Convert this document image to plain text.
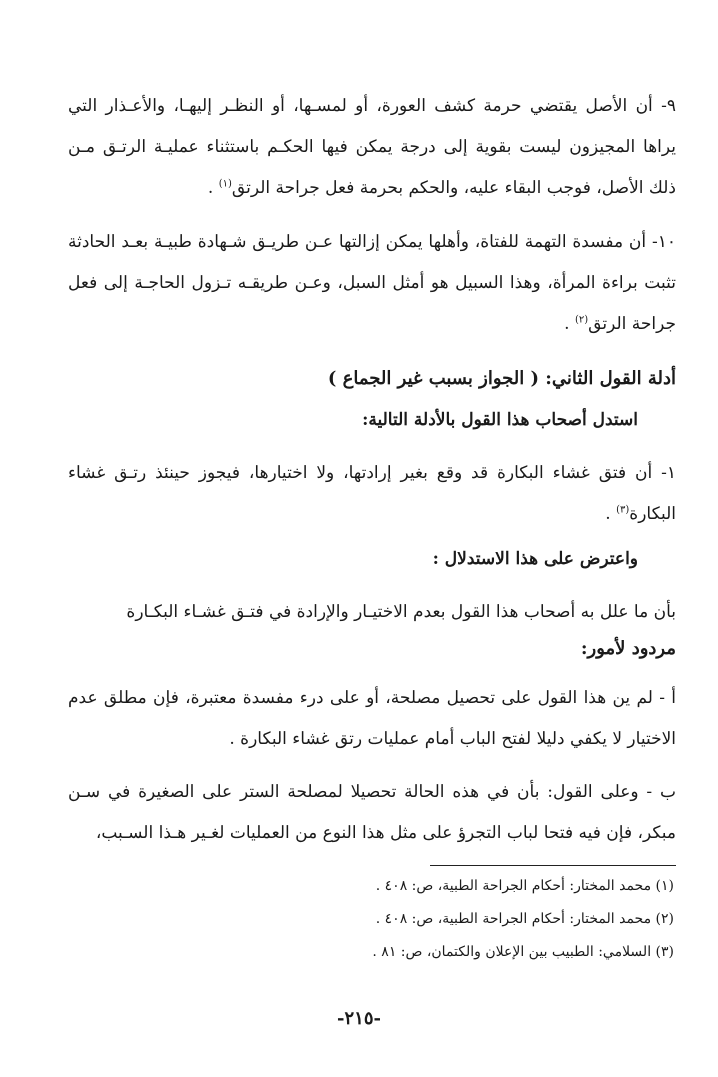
٩- أن الأصل يقتضي حرمة كشف العورة، أو لمسـها، أو النظـر إليهـا، والأعـذار التي يراها المجيزون ليست بقوية إلى درجة يمكن فيها الحكـم باستثناء عمليـة الرتـق مـن ذلك الأصل، فوجب البقاء عليه، والحكم بحرمة فعل جراحة الرتق$^{(١)}$ .

١٠- أن مفسدة التهمة للفتاة، وأهلها يمكن إزالتها عـن طريـق شـهادة طبيـة بعـد الحادثة تثبت براءة المرأة، وهذا السبيل هو أمثل السبل، وعـن طريقـه تـزول الحاجـة إلى فعل جراحة الرتق$^{(٢)}$ .

أدلة القول الثاني: ( الجواز بسبب غير الجماع )

استدل أصحاب هذا القول بالأدلة التالية:

١- أن فتق غشاء البكارة قد وقع بغير إرادتها، ولا اختيارها، فيجوز حينئذ رتـق غشاء البكارة$^{(٣)}$ .

واعترض على هذا الاستدلال :

بأن ما علل به أصحاب هذا القول بعدم الاختيـار والإرادة في فتـق غشـاء البكـارة

مردود لأمور:

أ - لم ين هذا القول على تحصيل مصلحة، أو على درء مفسدة معتبرة، فإن مطلق عدم الاختيار لا يكفي دليلا لفتح الباب أمام عمليات رتق غشاء البكارة .

ب - وعلى القول: بأن في هذه الحالة تحصيلا لمصلحة الستر على الصغيرة في سـن مبكر، فإن فيه فتحا لباب التجرؤ على مثل هذا النوع من العمليات لغـير هـذا السـبب،

(١) محمد المختار: أحكام الجراحة الطبية، ص: ٤٠٨ .

(٢) محمد المختار: أحكام الجراحة الطبية، ص: ٤٠٨ .

(٣) السلامي: الطبيب بين الإعلان والكتمان، ص: ٨١ .

-٢١٥-
